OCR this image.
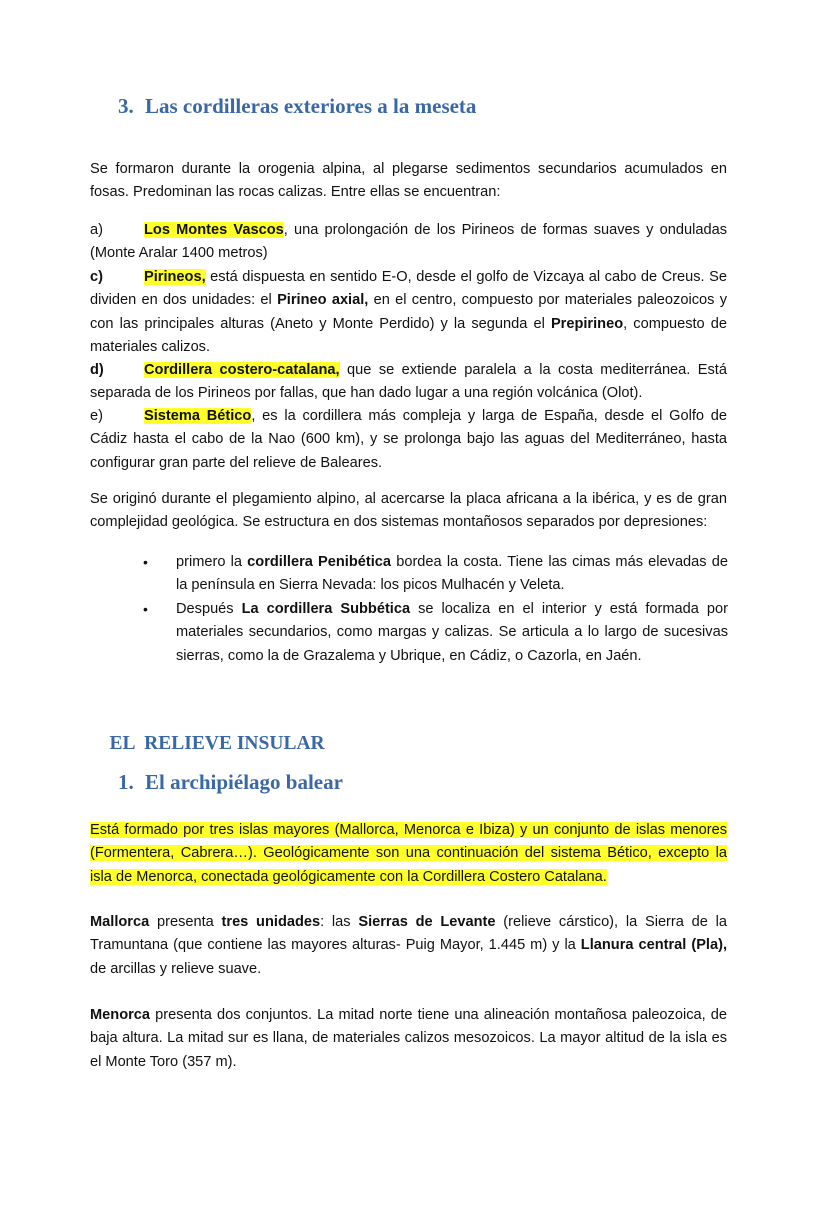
3. Las cordilleras exteriores a la meseta

Se formaron durante la orogenia alpina, al plegarse sedimentos secundarios acumulados en fosas. Predominan las rocas calizas. Entre ellas se encuentran:

a)	Los Montes Vascos, una prolongación de los Pirineos de formas suaves y onduladas (Monte Aralar 1400 metros)

c)	Pirineos, está dispuesta en sentido E-O, desde el golfo de Vizcaya al cabo de Creus. Se dividen en dos unidades: el Pirineo axial, en el centro, compuesto por materiales paleozoicos y con las principales alturas (Aneto y Monte Perdido) y la segunda el Prepirineo, compuesto de materiales calizos.

d)	Cordillera costero-catalana, que se extiende paralela a la costa mediterránea. Está separada de los Pirineos por fallas, que han dado lugar a una región volcánica (Olot).

e)	Sistema Bético, es la cordillera más compleja y larga de España, desde el Golfo de Cádiz hasta el cabo de la Nao (600 km), y se prolonga bajo las aguas del Mediterráneo, hasta configurar gran parte del relieve de Baleares.

Se originó durante el plegamiento alpino, al acercarse la placa africana a la ibérica, y es de gran complejidad geológica. Se estructura en dos sistemas montañosos separados por depresiones:

•	primero la cordillera Penibética bordea la costa. Tiene las cimas más elevadas de la península en Sierra Nevada: los picos Mulhacén y Veleta.
•	Después La cordillera Subbética se localiza en el interior y está formada por materiales secundarios, como margas y calizas. Se articula a lo largo de sucesivas sierras, como la de Grazalema y Ubrique, en Cádiz, o Cazorla, en Jaén.

EL  RELIEVE INSULAR

1. El archipiélago balear

Está formado por tres islas mayores (Mallorca, Menorca e Ibiza) y un conjunto de islas menores (Formentera, Cabrera…). Geológicamente son una continuación del sistema Bético, excepto la isla de Menorca, conectada geológicamente con la Cordillera Costero Catalana.

Mallorca presenta tres unidades: las Sierras de Levante (relieve cárstico), la Sierra de la Tramuntana (que contiene las mayores alturas- Puig Mayor, 1.445 m) y la Llanura central (Pla), de arcillas y relieve suave.

Menorca presenta dos conjuntos. La mitad norte tiene una alineación montañosa paleozoica, de baja altura. La mitad sur es llana, de materiales calizos mesozoicos. La mayor altitud de la isla es el Monte Toro (357 m).
